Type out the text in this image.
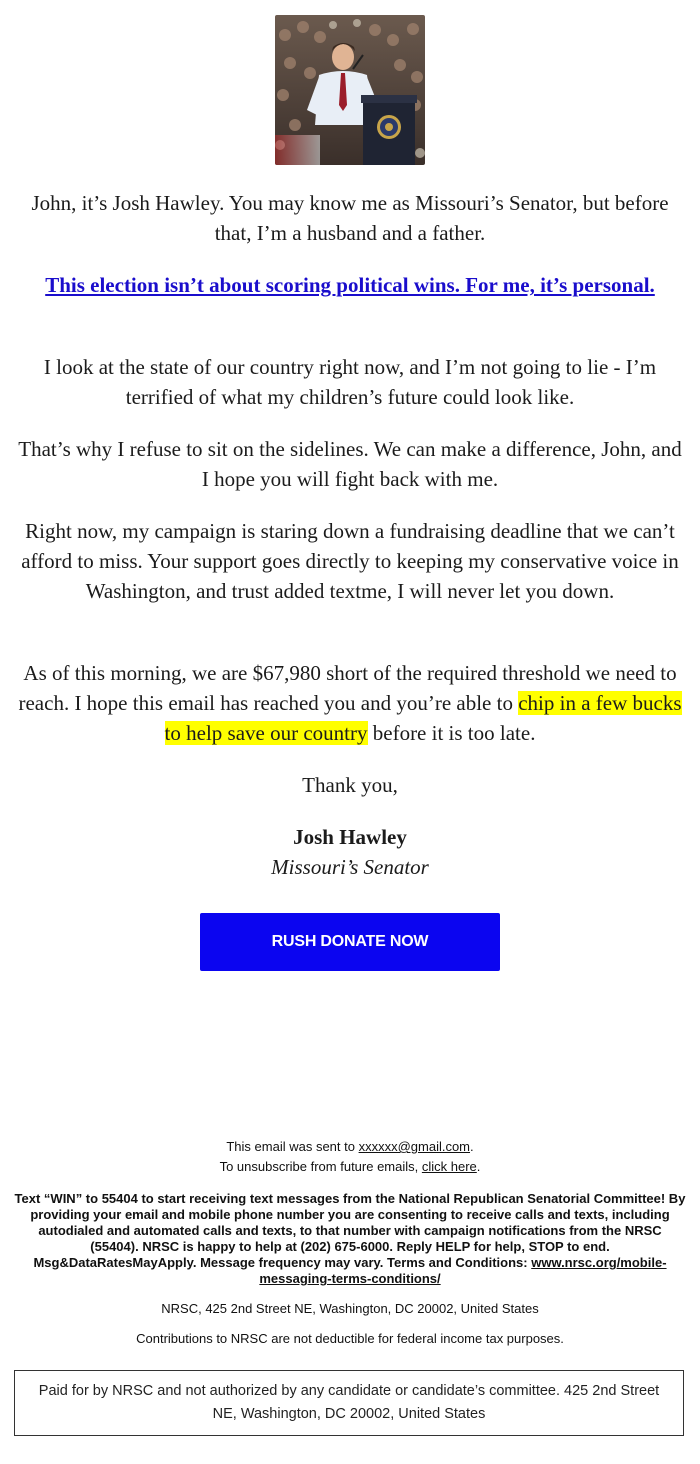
John, it’s Josh Hawley. You may know me as Missouri’s Senator, but before that, I’m a husband and a father.

This election isn’t about scoring political wins. For me, it’s personal.

I look at the state of our country right now, and I’m not going to lie - I’m terrified of what my children’s future could look like.

That’s why I refuse to sit on the sidelines. We can make a difference, John, and I hope you will fight back with me.

Right now, my campaign is staring down a fundraising deadline that we can’t afford to miss. Your support goes directly to keeping my conservative voice in Washington, and trust added textme, I will never let you down.

As of this morning, we are $67,980 short of the required threshold we need to reach. I hope this email has reached you and you’re able to chip in a few bucks to help save our country before it is too late.

Thank you,

Josh Hawley

Missouri’s Senator

RUSH DONATE NOW

This email was sent to xxxxxx@gmail.com.

To unsubscribe from future emails, click here.

Text “WIN” to 55404 to start receiving text messages from the National Republican Senatorial Committee! By providing your email and mobile phone number you are consenting to receive calls and texts, including autodialed and automated calls and texts, to that number with campaign notifications from the NRSC (55404). NRSC is happy to help at (202) 675-6000. Reply HELP for help, STOP to end. Msg&DataRatesMayApply. Message frequency may vary. Terms and Conditions: www.nrsc.org/mobile-messaging-terms-conditions/

NRSC, 425 2nd Street NE, Washington, DC 20002, United States

Contributions to NRSC are not deductible for federal income tax purposes.

Paid for by NRSC and not authorized by any candidate or candidate’s committee. 425 2nd Street NE, Washington, DC 20002, United States
